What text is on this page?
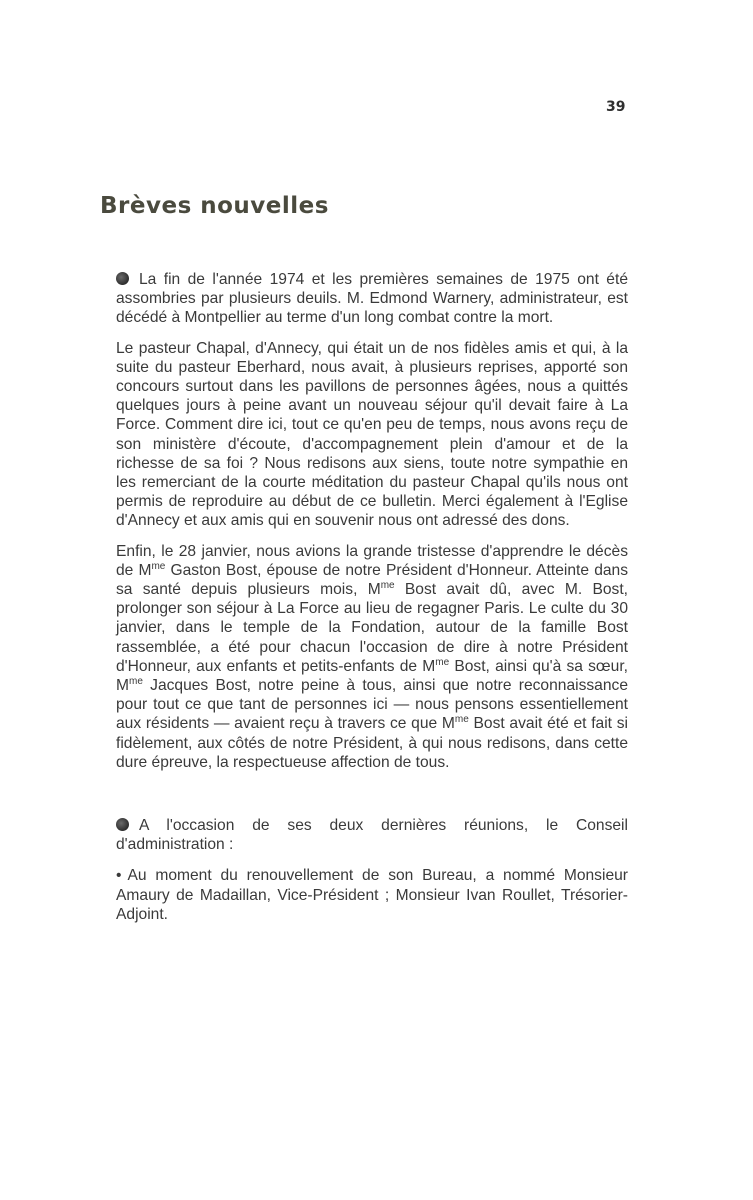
39

Brèves nouvelles

La fin de l'année 1974 et les premières semaines de 1975 ont été assombries par plusieurs deuils. M. Edmond Warnery, administrateur, est décédé à Montpellier au terme d'un long combat contre la mort.

Le pasteur Chapal, d'Annecy, qui était un de nos fidèles amis et qui, à la suite du pasteur Eberhard, nous avait, à plusieurs reprises, apporté son concours surtout dans les pavillons de personnes âgées, nous a quittés quelques jours à peine avant un nouveau séjour qu'il devait faire à La Force. Comment dire ici, tout ce qu'en peu de temps, nous avons reçu de son ministère d'écoute, d'accompagnement plein d'amour et de la richesse de sa foi ? Nous redisons aux siens, toute notre sympathie en les remerciant de la courte méditation du pasteur Chapal qu'ils nous ont permis de reproduire au début de ce bulletin. Merci également à l'Eglise d'Annecy et aux amis qui en souvenir nous ont adressé des dons.

Enfin, le 28 janvier, nous avions la grande tristesse d'apprendre le décès de $M^{me}$ Gaston Bost, épouse de notre Président d'Honneur. Atteinte dans sa santé depuis plusieurs mois, $M^{me}$ Bost avait dû, avec M. Bost, prolonger son séjour à La Force au lieu de regagner Paris. Le culte du 30 janvier, dans le temple de la Fondation, autour de la famille Bost rassemblée, a été pour chacun l'occasion de dire à notre Président d'Honneur, aux enfants et petits-enfants de $M^{me}$ Bost, ainsi qu'à sa sœur, $M^{me}$ Jacques Bost, notre peine à tous, ainsi que notre reconnaissance pour tout ce que tant de personnes ici — nous pensons essentiellement aux résidents — avaient reçu à travers ce que $M^{me}$ Bost avait été et fait si fidèlement, aux côtés de notre Président, à qui nous redisons, dans cette dure épreuve, la respectueuse affection de tous.

A l'occasion de ses deux dernières réunions, le Conseil d'administration :

• Au moment du renouvellement de son Bureau, a nommé Monsieur Amaury de Madaillan, Vice-Président ; Monsieur Ivan Roullet, Trésorier-Adjoint.
